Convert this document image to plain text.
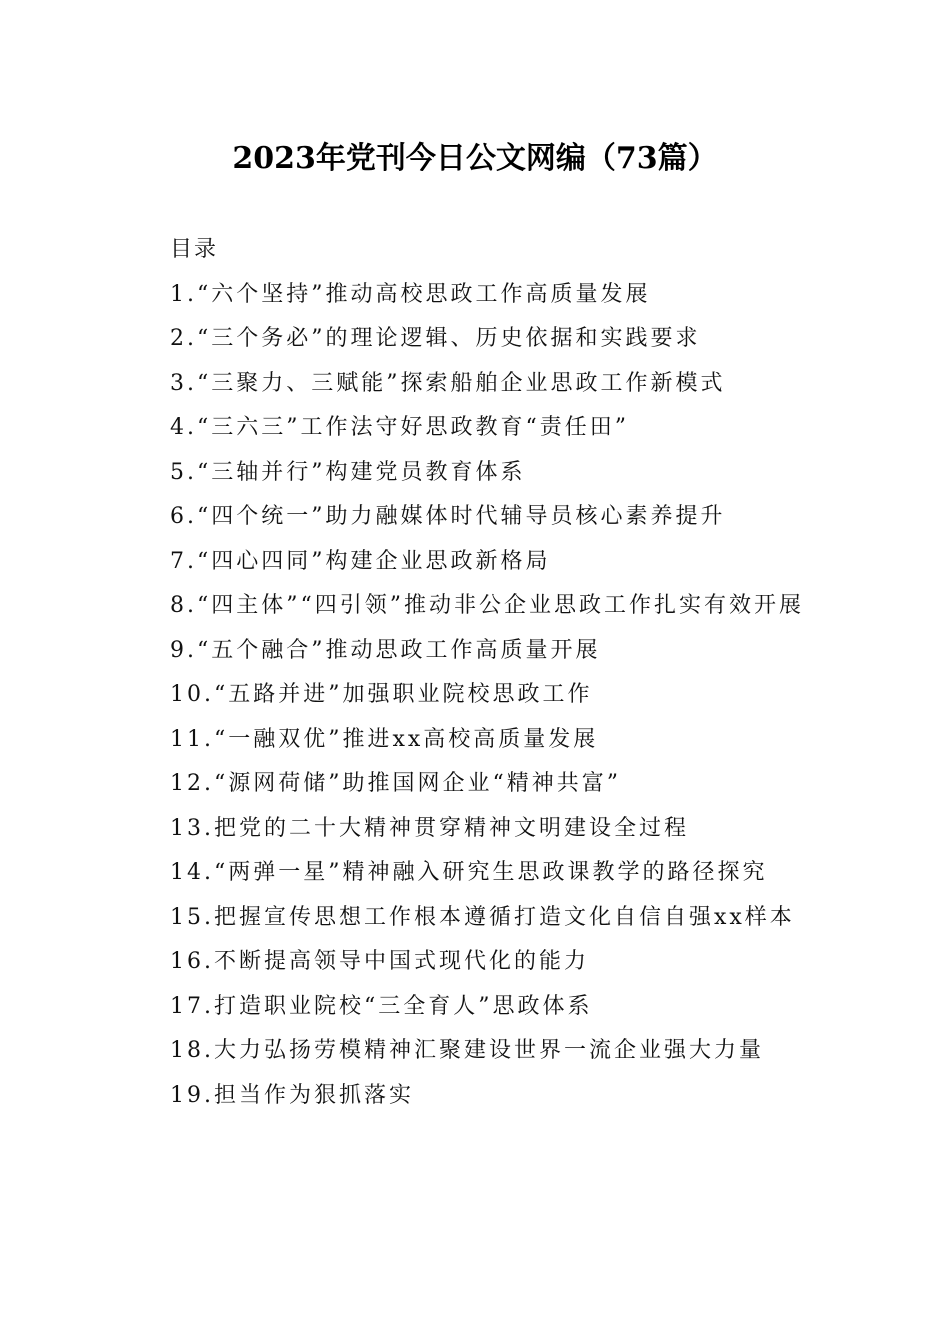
2023年党刊今日公文网编（73篇）

目录

1.“六个坚持”推动高校思政工作高质量发展
2.“三个务必”的理论逻辑、历史依据和实践要求
3.“三聚力、三赋能”探索船舶企业思政工作新模式
4.“三六三”工作法守好思政教育“责任田”
5.“三轴并行”构建党员教育体系
6.“四个统一”助力融媒体时代辅导员核心素养提升
7.“四心四同”构建企业思政新格局
8.“四主体”“四引领”推动非公企业思政工作扎实有效开展
9.“五个融合”推动思政工作高质量开展
10.“五路并进”加强职业院校思政工作
11.“一融双优”推进xx高校高质量发展
12.“源网荷储”助推国网企业“精神共富”
13.把党的二十大精神贯穿精神文明建设全过程
14.“两弹一星”精神融入研究生思政课教学的路径探究
15.把握宣传思想工作根本遵循打造文化自信自强xx样本
16.不断提高领导中国式现代化的能力
17.打造职业院校“三全育人”思政体系
18.大力弘扬劳模精神汇聚建设世界一流企业强大力量
19.担当作为狠抓落实
